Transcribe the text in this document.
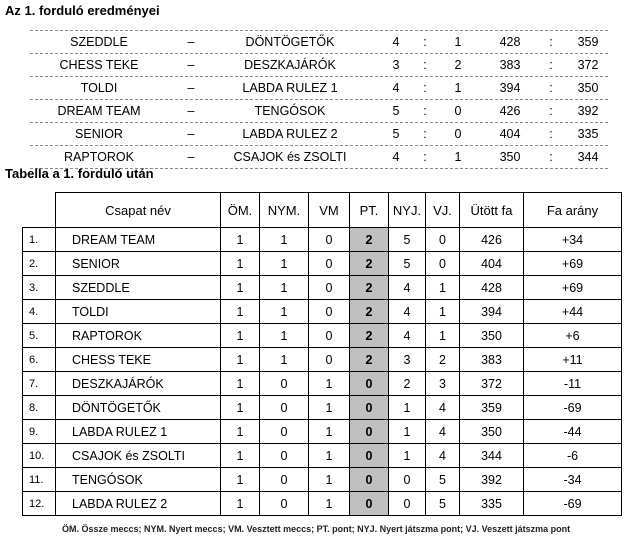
Az 1. forduló eredményei
SZEDDLE	–	DÖNTÖGETŐK	4	:	1	428 : 359
CHESS TEKE	–	DESZKAJÁRÓK	3	:	2	383 : 372
TOLDI	–	LABDA RULEZ 1	4	:	1	394 : 350
DREAM TEAM	–	TENGÓSOK	5	:	0	426 : 392
SENIOR	–	LABDA RULEZ 2	5	:	0	404 : 335
RAPTOROK	–	CSAJOK és ZSOLTI	4	:	1	350 : 344
Tabella a 1. forduló után
	Csapat név	ÖM.	NYM.	VM	PT.	NYJ.	VJ.	Ütött fa	Fa arány
1.	DREAM TEAM	1	1	0	2	5	0	426	+34
2.	SENIOR	1	1	0	2	5	0	404	+69
3.	SZEDDLE	1	1	0	2	4	1	428	+69
4.	TOLDI	1	1	0	2	4	1	394	+44
5.	RAPTOROK	1	1	0	2	4	1	350	+6
6.	CHESS TEKE	1	1	0	2	3	2	383	+11
7.	DESZKAJÁRÓK	1	0	1	0	2	3	372	-11
8.	DÖNTÖGETŐK	1	0	1	0	1	4	359	-69
9.	LABDA RULEZ 1	1	0	1	0	1	4	350	-44
10.	CSAJOK és ZSOLTI	1	0	1	0	1	4	344	-6
11.	TENGÓSOK	1	0	1	0	0	5	392	-34
12.	LABDA RULEZ 2	1	0	1	0	0	5	335	-69
ÖM. Össze meccs; NYM. Nyert meccs; VM. Vesztett meccs; PT. pont; NYJ. Nyert játszma pont; VJ. Veszett játszma pont
